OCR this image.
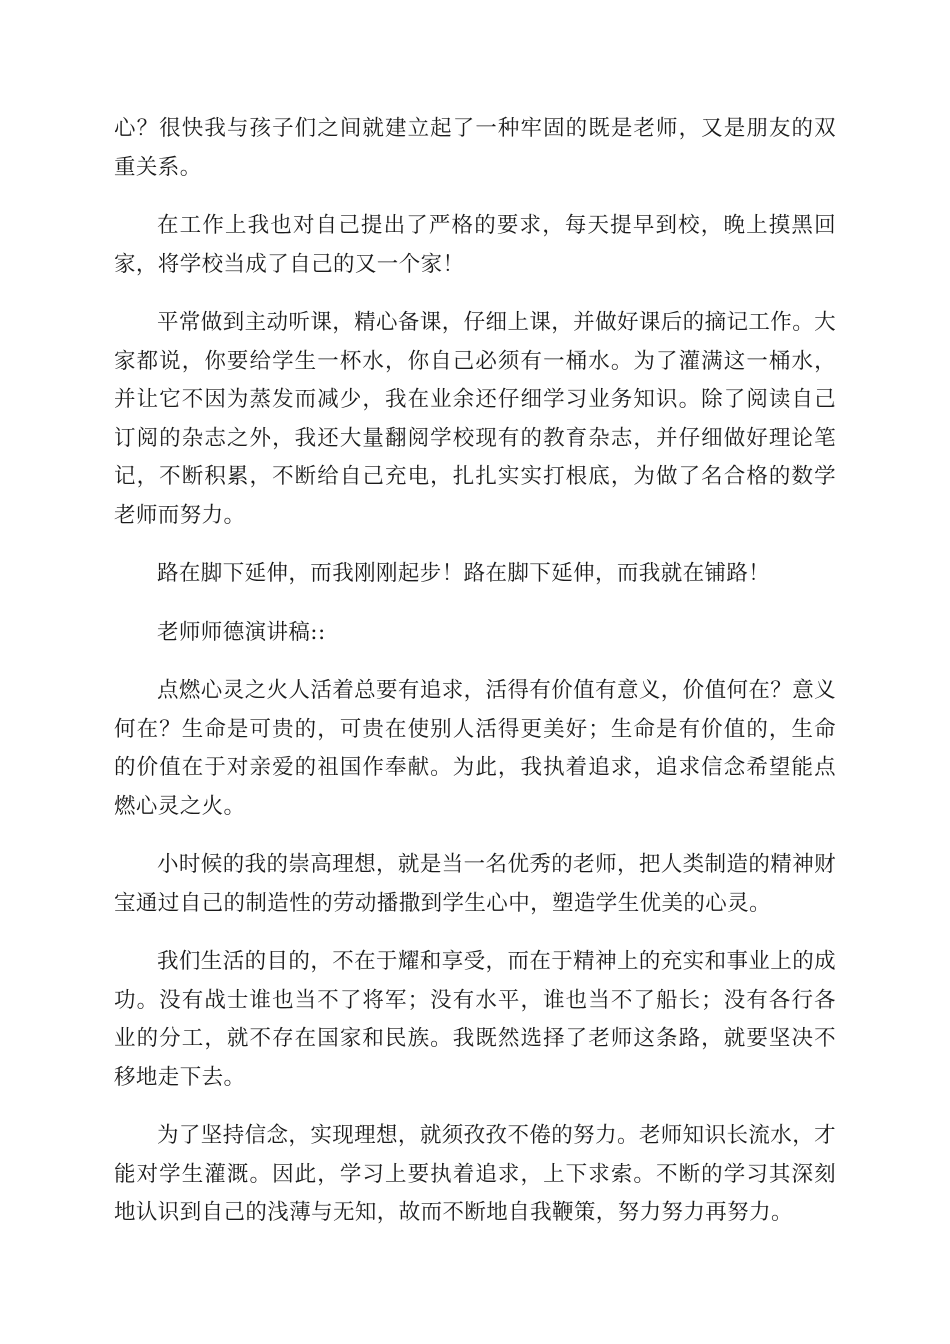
心？很快我与孩子们之间就建立起了一种牢固的既是老师，又是朋友的双重关系。

在工作上我也对自己提出了严格的要求，每天提早到校，晚上摸黑回家，将学校当成了自己的又一个家！

平常做到主动听课，精心备课，仔细上课，并做好课后的摘记工作。大家都说，你要给学生一杯水，你自己必须有一桶水。为了灌满这一桶水，并让它不因为蒸发而减少，我在业余还仔细学习业务知识。除了阅读自己订阅的杂志之外，我还大量翻阅学校现有的教育杂志，并仔细做好理论笔记，不断积累，不断给自己充电，扎扎实实打根底，为做了名合格的数学老师而努力。

路在脚下延伸，而我刚刚起步！路在脚下延伸，而我就在铺路！

老师师德演讲稿::

点燃心灵之火人活着总要有追求，活得有价值有意义，价值何在？意义何在？生命是可贵的，可贵在使别人活得更美好；生命是有价值的，生命的价值在于对亲爱的祖国作奉献。为此，我执着追求，追求信念希望能点燃心灵之火。

小时候的我的崇高理想，就是当一名优秀的老师，把人类制造的精神财宝通过自己的制造性的劳动播撒到学生心中，塑造学生优美的心灵。

我们生活的目的，不在于耀和享受，而在于精神上的充实和事业上的成功。没有战士谁也当不了将军；没有水平，谁也当不了船长；没有各行各业的分工，就不存在国家和民族。我既然选择了老师这条路，就要坚决不移地走下去。

为了坚持信念，实现理想，就须孜孜不倦的努力。老师知识长流水，才能对学生灌溉。因此，学习上要执着追求，上下求索。不断的学习其深刻地认识到自己的浅薄与无知，故而不断地自我鞭策，努力努力再努力。
